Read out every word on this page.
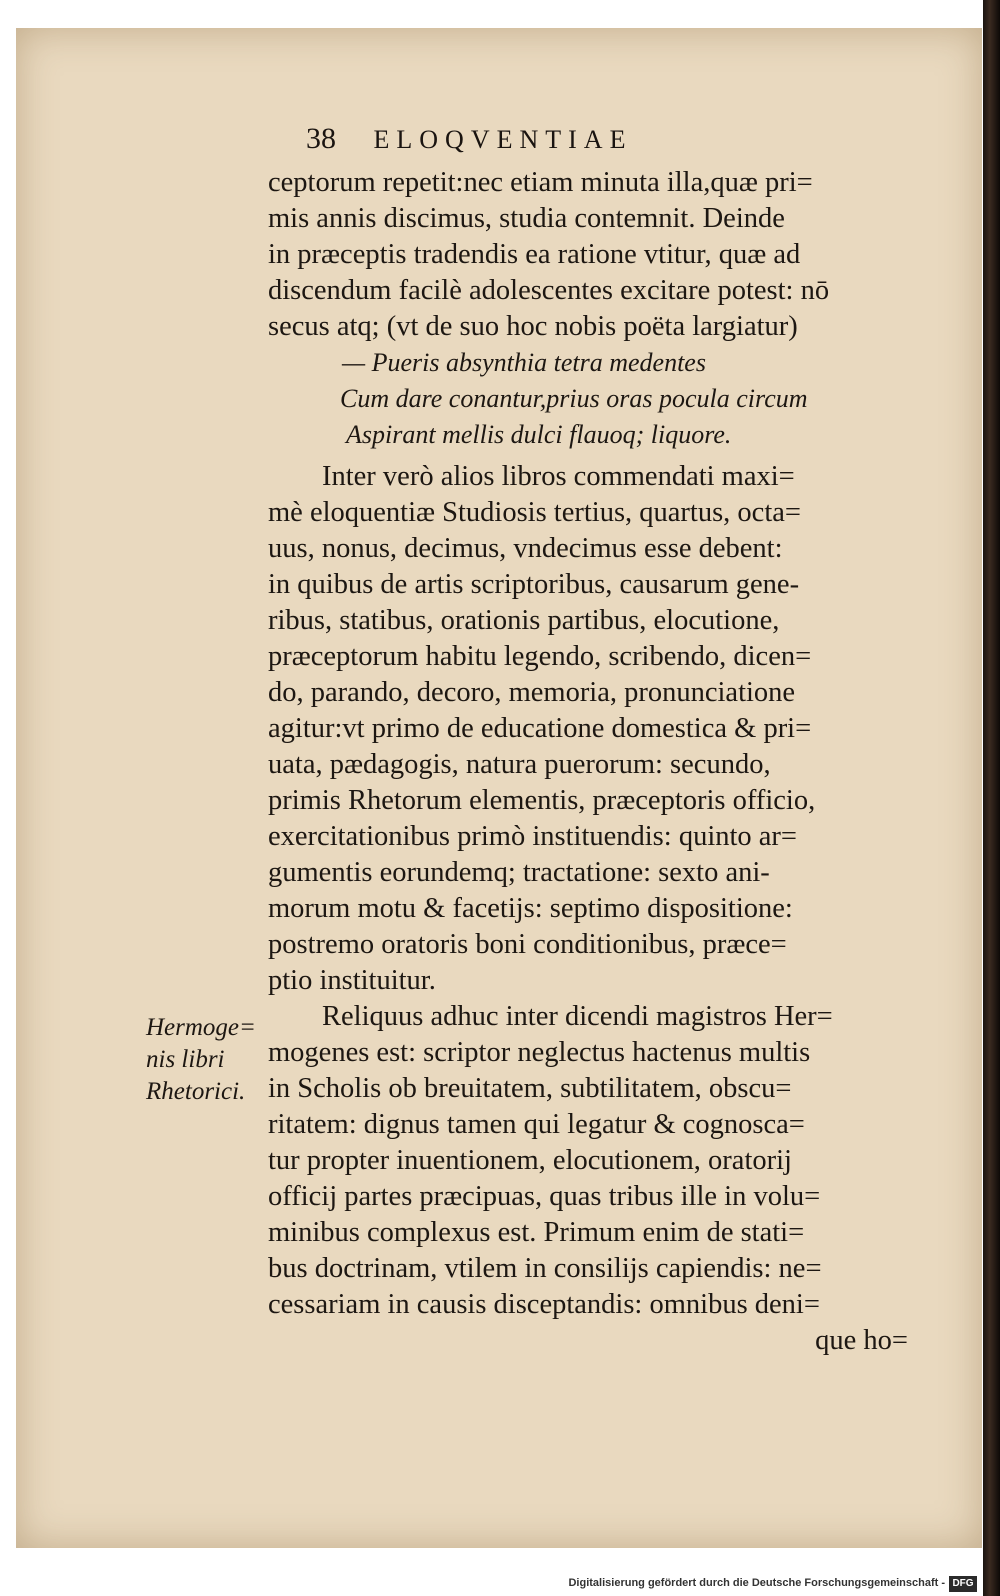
38 ELOQVENTIAE
ceptorum repetit:nec etiam minuta illa,quæ pri=
mis annis discimus, studia contemnit. Deinde
in præceptis tradendis ea ratione vtitur, quæ ad
discendum facilè adolescentes excitare potest: nō
secus atq; (vt de suo hoc nobis poëta largiatur)
— Pueris absynthia tetra medentes
Cum dare conantur,prius oras pocula circum
Aspirant mellis dulci flauoq; liquore.
Inter verò alios libros commendati maxi=
mè eloquentiæ Studiosis tertius, quartus, octa=
uus, nonus, decimus, vndecimus esse debent:
in quibus de artis scriptoribus, causarum gene-
ribus, statibus, orationis partibus, elocutione,
præceptorum habitu legendo, scribendo, dicen=
do, parando, decoro, memoria, pronunciatione
agitur:vt primo de educatione domestica & pri=
uata, pædagogis, natura puerorum: secundo,
primis Rhetorum elementis, præceptoris officio,
exercitationibus primò instituendis: quinto ar=
gumentis eorundemq; tractatione: sexto ani-
morum motu & facetijs: septimo dispositione:
postremo oratoris boni conditionibus, præce=
ptio instituitur.
Reliquus adhuc inter dicendi magistros Her=
mogenes est: scriptor neglectus hactenus multis
in Scholis ob breuitatem, subtilitatem, obscu=
ritatem: dignus tamen qui legatur & cognosca=
tur propter inuentionem, elocutionem, oratorij
officij partes præcipuas, quas tribus ille in volu=
minibus complexus est. Primum enim de stati=
bus doctrinam, vtilem in consilijs capiendis: ne=
cessariam in causis disceptandis: omnibus deni=
que ho=
Hermoge=
nis libri
Rhetorici.
Digitalisierung gefördert durch die Deutsche Forschungsgemeinschaft - DFG
